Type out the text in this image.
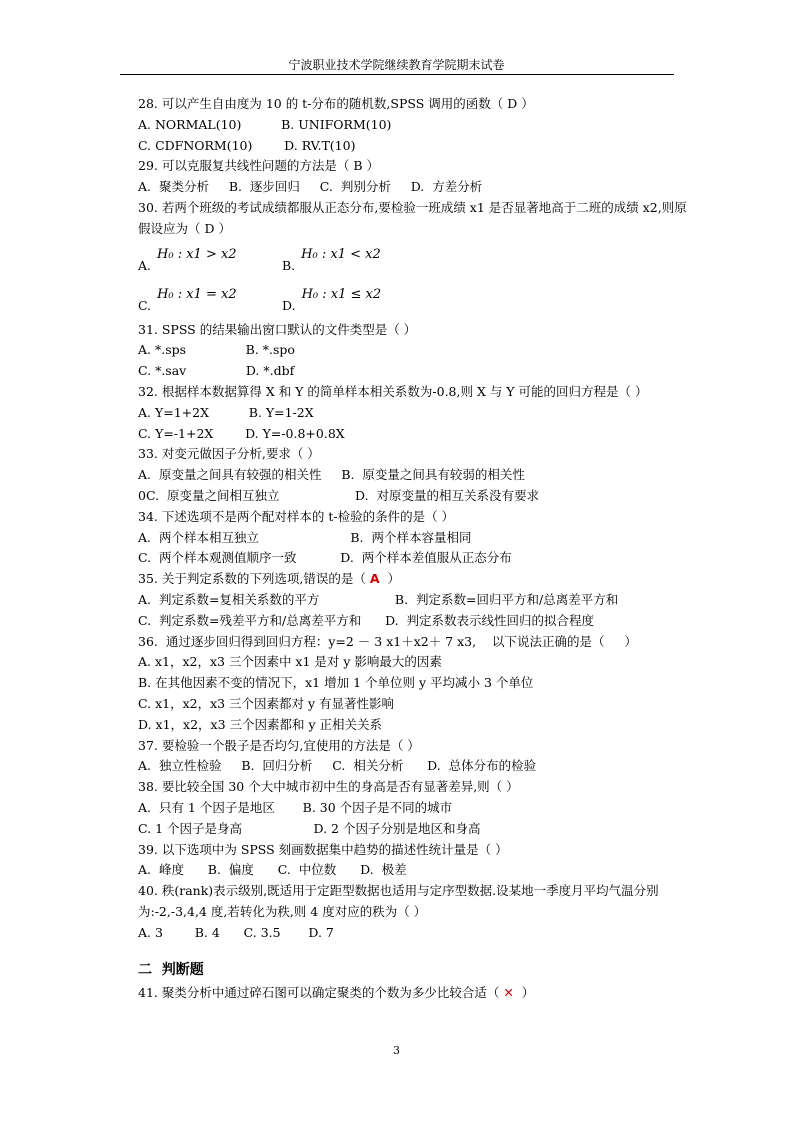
宁波职业技术学院继续教育学院期末试卷
28. 可以产生自由度为 10 的 t-分布的随机数,SPSS 调用的函数（ D ）
A. NORMAL(10)          B. UNIFORM(10)
C. CDFNORM(10)        D. RV.T(10)
29. 可以克服复共线性问题的方法是（ B ）
A.  聚类分析     B.  逐步回归     C.  判别分析     D.  方差分析
30. 若两个班级的考试成绩都服从正态分布,要检验一班成绩 x1 是否显著地高于二班的成绩 x2,则原假设应为（ D ）
A.H₀ : x1 > x2
B.H₀ : x1 < x2
C.H₀ : x1 = x2
D.H₀ : x1 ≤ x2
31. SPSS 的结果输出窗口默认的文件类型是（ ）
A. *.sps               B. *.spo
C. *.sav               D. *.dbf
32. 根据样本数据算得 X 和 Y 的简单样本相关系数为-0.8,则 X 与 Y 可能的回归方程是（ ）
A. Y=1+2X          B. Y=1-2X
C. Y=-1+2X        D. Y=-0.8+0.8X
33. 对变元做因子分析,要求（ ）
A.  原变量之间具有较强的相关性     B.  原变量之间具有较弱的相关性
0C.  原变量之间相互独立                   D.  对原变量的相互关系没有要求
34. 下述选项不是两个配对样本的 t-检验的条件的是（ ）
A.  两个样本相互独立                       B.  两个样本容量相同
C.  两个样本观测值顺序一致           D.  两个样本差值服从正态分布
35. 关于判定系数的下列选项,错误的是（ A  ）
A.  判定系数=复相关系数的平方                   B.  判定系数=回归平方和/总离差平方和
C.  判定系数=残差平方和/总离差平方和      D.  判定系数表示线性回归的拟合程度
36.  通过逐步回归得到回归方程：y=2 － 3 x1＋x2＋ 7 x3,    以下说法正确的是（     ）
A. x1，x2，x3 三个因素中 x1 是对 y 影响最大的因素
B. 在其他因素不变的情况下，x1 增加 1 个单位则 y 平均减小 3 个单位
C. x1，x2，x3 三个因素都对 y 有显著性影响
D. x1，x2，x3 三个因素都和 y 正相关关系
37. 要检验一个骰子是否均匀,宜使用的方法是（ ）
A.  独立性检验     B.  回归分析     C.  相关分析      D.  总体分布的检验
38. 要比较全国 30 个大中城市初中生的身高是否有显著差异,则（ ）
A.  只有 1 个因子是地区       B. 30 个因子是不同的城市
C. 1 个因子是身高                  D. 2 个因子分别是地区和身高
39. 以下选项中为 SPSS 刻画数据集中趋势的描述性统计量是（ ）
A.  峰度      B.  偏度      C.  中位数      D.  极差
40. 秩(rank)表示级别,既适用于定距型数据也适用与定序型数据.设某地一季度月平均气温分别为:-2,-3,4,4 度,若转化为秩,则 4 度对应的秩为（ ）
A. 3        B. 4      C. 3.5       D. 7
二  判断题
41. 聚类分析中通过碎石图可以确定聚类的个数为多少比较合适（ ✕  ）
3
